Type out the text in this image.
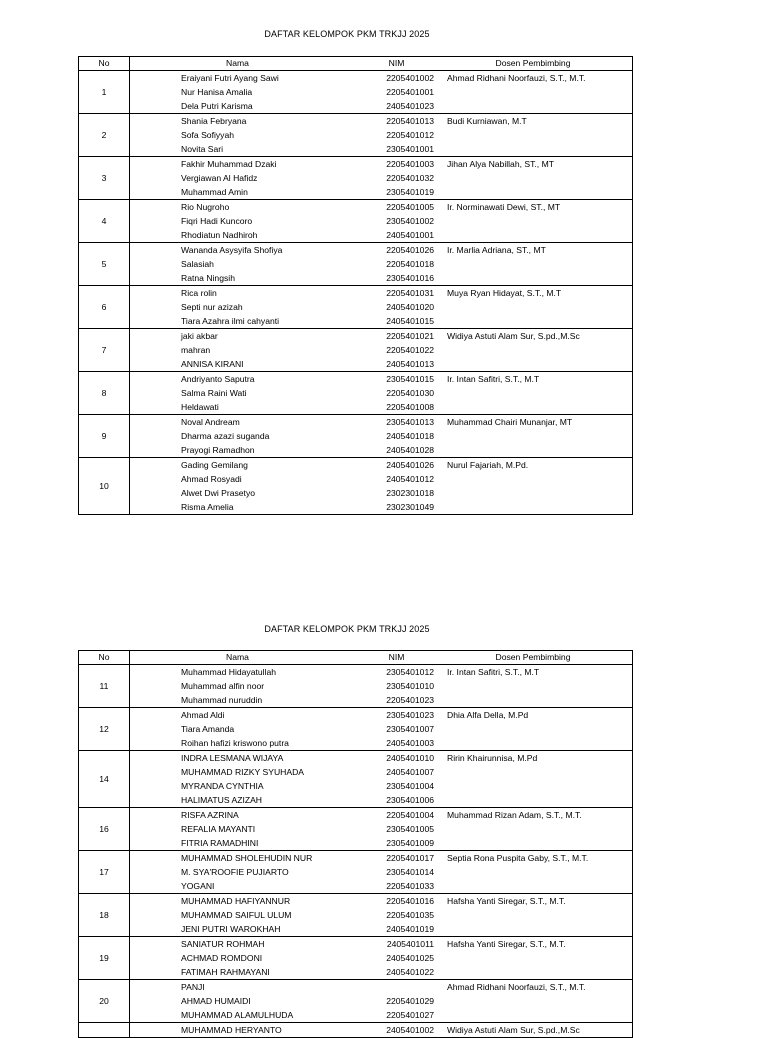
DAFTAR KELOMPOK PKM TRKJJ 2025
No	Nama	NIM	Dosen Pembimbing
1	Eraiyani Futri Ayang Sawi	2205401002	Ahmad Ridhani Noorfauzi, S.T., M.T.

	Nur Hanisa Amalia	2205401001	

	Dela Putri Karisma	2405401023	
2	Shania Febryana	2205401013	Budi Kurniawan, M.T

	Sofa Sofiyyah	2205401012	

	Novita Sari	2305401001	
3	Fakhir Muhammad Dzaki	2205401003	Jihan Alya Nabillah, ST., MT

	Vergiawan Al Hafidz	2205401032	

	Muhammad Amin	2305401019	
4	Rio Nugroho	2205401005	Ir. Norminawati Dewi, ST., MT

	Fiqri Hadi Kuncoro	2305401002	

	Rhodiatun Nadhiroh	2405401001	
5	Wananda Asysyifa Shofiya	2205401026	Ir. Marlia Adriana, ST., MT

	Salasiah	2205401018	

	Ratna Ningsih	2305401016	
6	Rica rolin	2205401031	Muya Ryan Hidayat, S.T., M.T

	Septi nur azizah	2405401020	

	Tiara Azahra ilmi cahyanti	2405401015	
7	jaki akbar	2205401021	Widiya Astuti Alam Sur, S.pd.,M.Sc

	mahran	2205401022	

	ANNISA KIRANI	2405401013	
8	Andriyanto Saputra	2305401015	Ir. Intan Safitri, S.T., M.T

	Salma Raini Wati	2205401030	

	Heldawati	2205401008	
9	Noval Andream	2305401013	Muhammad Chairi Munanjar, MT

	Dharma azazi suganda	2405401018	

	Prayogi Ramadhon	2405401028	
10	Gading Gemilang	2405401026	Nurul Fajariah, M.Pd.

	Ahmad Rosyadi	2405401012	

	Alwet Dwi Prasetyo	2302301018	

	Risma Amelia	2302301049	
DAFTAR KELOMPOK PKM TRKJJ 2025
No	Nama	NIM	Dosen Pembimbing
11	Muhammad Hidayatullah	2305401012	Ir. Intan Safitri, S.T., M.T

	Muhammad alfin noor	2305401010	

	Muhammad nuruddin	2205401023	
12	Ahmad Aldi	2305401023	Dhia Alfa Della, M.Pd

	Tiara Amanda	2305401007	

	Roihan hafizi kriswono putra	2405401003	
14	INDRA LESMANA WIJAYA	2405401010	Ririn Khairunnisa, M.Pd

	MUHAMMAD RIZKY SYUHADA	2405401007	

	MYRANDA CYNTHIA	2305401004	

	HALIMATUS AZIZAH	2305401006	
16	RISFA AZRINA	2205401004	Muhammad Rizan Adam, S.T., M.T.

	REFALIA MAYANTI	2305401005	

	FITRIA RAMADHINI	2305401009	
17	MUHAMMAD SHOLEHUDIN NUR	2205401017	Septia Rona Puspita Gaby, S.T., M.T.

	M. SYA'ROOFIE PUJIARTO	2305401014	

	YOGANI	2205401033	
18	MUHAMMAD HAFIYANNUR	2205401016	Hafsha Yanti Siregar, S.T., M.T.

	MUHAMMAD SAIFUL ULUM	2205401035	

	JENI PUTRI WAROKHAH	2405401019	
19	SANIATUR ROHMAH	2405401011	Hafsha Yanti Siregar, S.T., M.T.

	ACHMAD ROMDONI	2405401025	

	FATIMAH RAHMAYANI	2405401022	
20	PANJI		Ahmad Ridhani Noorfauzi, S.T., M.T.

	AHMAD HUMAIDI	2205401029	

	MUHAMMAD ALAMULHUDA	2205401027	

	MUHAMMAD HERYANTO	2405401002	Widiya Astuti Alam Sur, S.pd.,M.Sc
